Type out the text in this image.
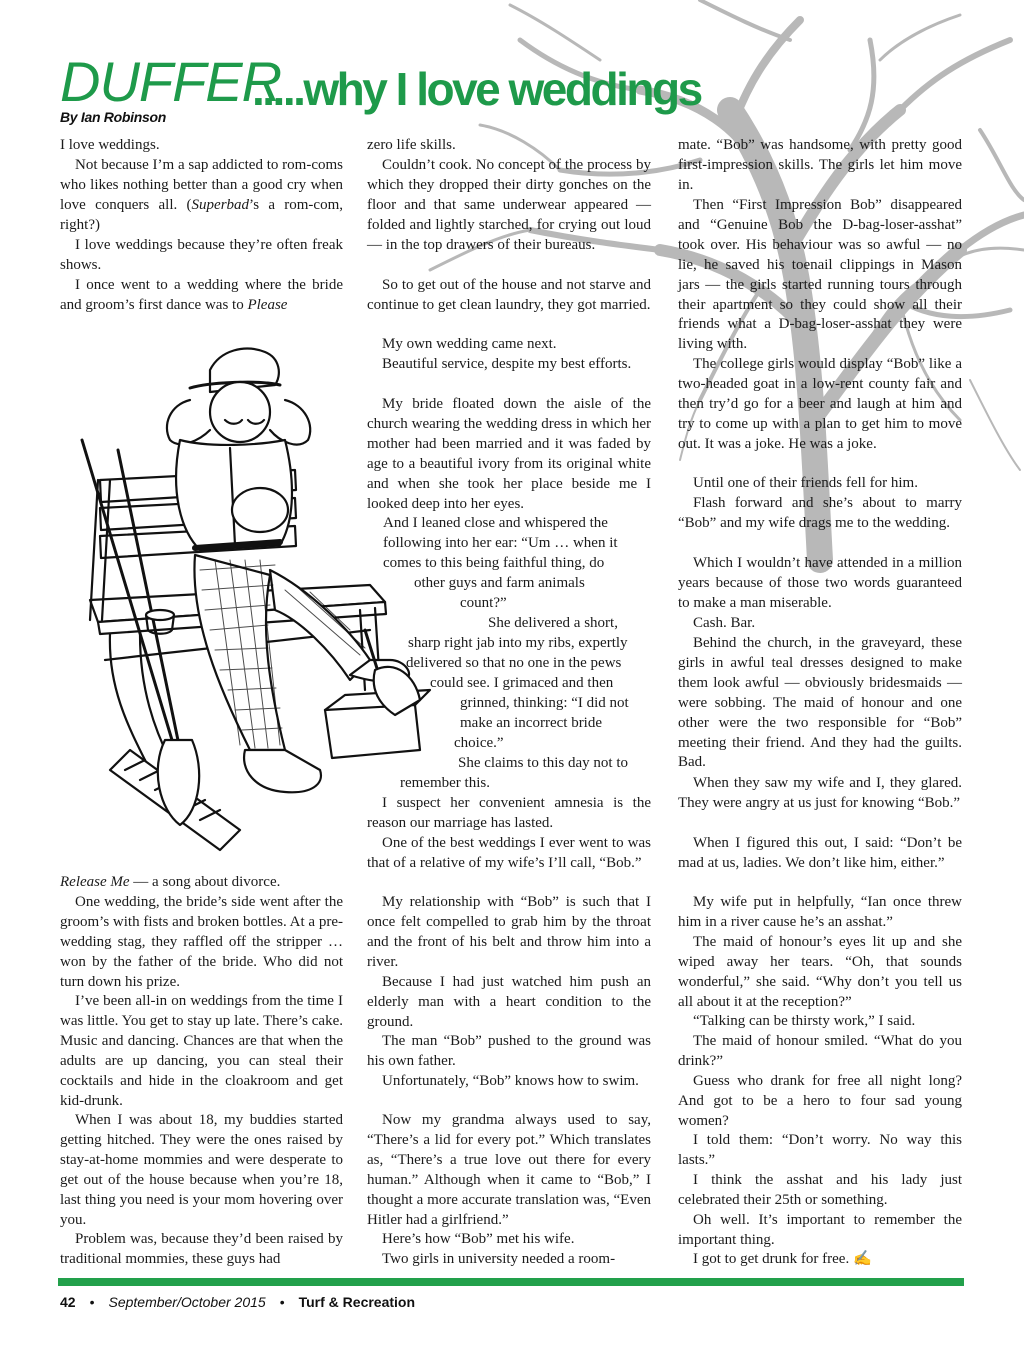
DUFFER
.....why I love weddings
By Ian Robinson

I love weddings.

Not because I’m a sap addicted to rom-coms who likes nothing better than a good cry when love conquers all. (Superbad’s a rom-com, right?)

I love weddings because they’re often freak shows.

I once went to a wedding where the bride and groom’s first dance was to Please

Release Me — a song about divorce.

One wedding, the bride’s side went after the groom’s with fists and broken bottles. At a pre-wedding stag, they raffled off the stripper … won by the father of the bride. Who did not turn down his prize.

I’ve been all-in on weddings from the time I was little. You get to stay up late. There’s cake. Music and dancing. Chances are that when the adults are up dancing, you can steal their cocktails and hide in the cloakroom and get kid-drunk.

When I was about 18, my buddies started getting hitched. They were the ones raised by stay-at-home mommies and were desperate to get out of the house because when you’re 18, last thing you need is your mom hovering over you.

Problem was, because they’d been raised by traditional mommies, these guys had

zero life skills.

Couldn’t cook. No concept of the process by which they dropped their dirty gonches on the floor and that same underwear appeared — folded and lightly starched, for crying out loud — in the top drawers of their bureaus.

So to get out of the house and not starve and continue to get clean laundry, they got married.

My own wedding came next.

Beautiful service, despite my best efforts.

My bride floated down the aisle of the church wearing the wedding dress in which her mother had been married and it was faded by age to a beautiful ivory from its original white and when she took her place beside me I looked deep into her eyes.

And I leaned close and whispered the

following into her ear: “Um … when it

comes to this being faithful thing, do

other guys and farm animals

count?”

She delivered a short,

sharp right jab into my ribs, expertly

delivered so that no one in the pews

could see. I grimaced and then

grinned, thinking: “I did not

make an incorrect bride

choice.”

She claims to this day not to

remember this.

I suspect her convenient amnesia is the reason our marriage has lasted.

One of the best weddings I ever went to was that of a relative of my wife’s I’ll call, “Bob.”

My relationship with “Bob” is such that I once felt compelled to grab him by the throat and the front of his belt and throw him into a river.

Because I had just watched him push an elderly man with a heart condition to the ground.

The man “Bob” pushed to the ground was his own father.

Unfortunately, “Bob” knows how to swim.

Now my grandma always used to say, “There’s a lid for every pot.” Which translates as, “There’s a true love out there for every human.” Although when it came to “Bob,” I thought a more accurate translation was, “Even Hitler had a girlfriend.”

Here’s how “Bob” met his wife.

Two girls in university needed a room-

mate. “Bob” was handsome, with pretty good first-impression skills. The girls let him move in.

Then “First Impression Bob” disappeared and “Genuine Bob the D-bag-loser-asshat” took over. His behaviour was so awful — no lie, he saved his toenail clippings in Mason jars — the girls started running tours through their apartment so they could show all their friends what a D-bag-loser-asshat they were living with.

The college girls would display “Bob” like a two-headed goat in a low-rent county fair and then try’d go for a beer and laugh at him and try to come up with a plan to get him to move out. It was a joke. He was a joke.

Until one of their friends fell for him.

Flash forward and she’s about to marry “Bob” and my wife drags me to the wedding.

Which I wouldn’t have attended in a million years because of those two words guaranteed to make a man miserable.

Cash. Bar.

Behind the church, in the graveyard, these girls in awful teal dresses designed to make them look awful — obviously bridesmaids — were sobbing. The maid of honour and one other were the two responsible for “Bob” meeting their friend. And they had the guilts. Bad.

When they saw my wife and I, they glared. They were angry at us just for knowing “Bob.”

When I figured this out, I said: “Don’t be mad at us, ladies. We don’t like him, either.”

My wife put in helpfully, “Ian once threw him in a river cause he’s an asshat.”

The maid of honour’s eyes lit up and she wiped away her tears. “Oh, that sounds wonderful,” she said. “Why don’t you tell us all about it at the reception?”

“Talking can be thirsty work,” I said.

The maid of honour smiled. “What do you drink?”

Guess who drank for free all night long? And got to be a hero to four sad young women?

I told them: “Don’t worry. No way this lasts.”

I think the asshat and his lady just celebrated their 25th or something.

Oh well. It’s important to remember the important thing.

I got to get drunk for free. ✍

42 • September/October 2015 • Turf & Recreation
